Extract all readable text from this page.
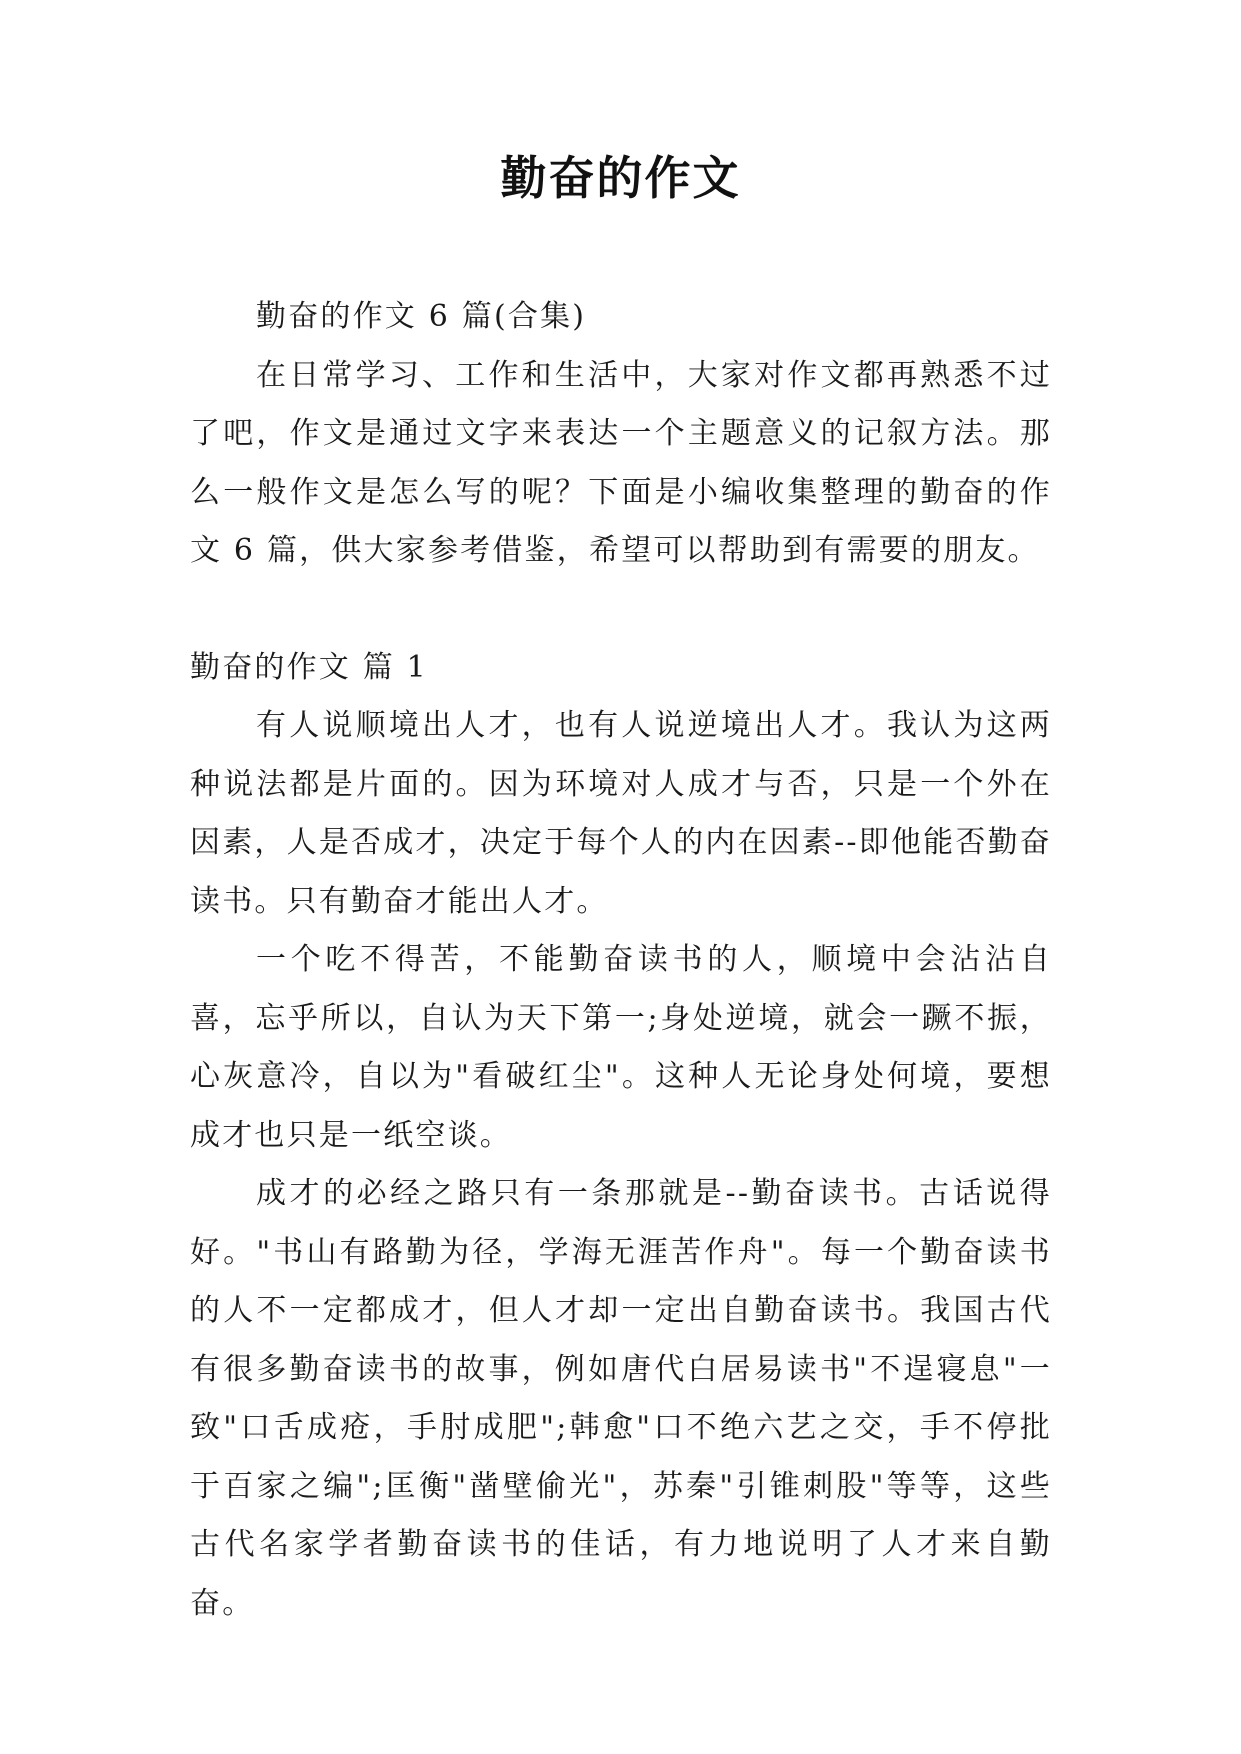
勤奋的作文

勤奋的作文 6 篇(合集)

在日常学习、工作和生活中，大家对作文都再熟悉不过了吧，作文是通过文字来表达一个主题意义的记叙方法。那么一般作文是怎么写的呢？下面是小编收集整理的勤奋的作文 6 篇，供大家参考借鉴，希望可以帮助到有需要的朋友。

勤奋的作文 篇 1

有人说顺境出人才，也有人说逆境出人才。我认为这两种说法都是片面的。因为环境对人成才与否，只是一个外在因素，人是否成才，决定于每个人的内在因素--即他能否勤奋读书。只有勤奋才能出人才。

一个吃不得苦，不能勤奋读书的人，顺境中会沾沾自喜，忘乎所以，自认为天下第一;身处逆境，就会一蹶不振，心灰意冷，自以为"看破红尘"。这种人无论身处何境，要想成才也只是一纸空谈。

成才的必经之路只有一条那就是--勤奋读书。古话说得好。"书山有路勤为径，学海无涯苦作舟"。每一个勤奋读书的人不一定都成才，但人才却一定出自勤奋读书。我国古代有很多勤奋读书的故事，例如唐代白居易读书"不逞寝息"一致"口舌成疮，手肘成肥";韩愈"口不绝六艺之交，手不停批于百家之编";匡衡"凿壁偷光"，苏秦"引锥刺股"等等，这些古代名家学者勤奋读书的佳话，有力地说明了人才来自勤奋。
